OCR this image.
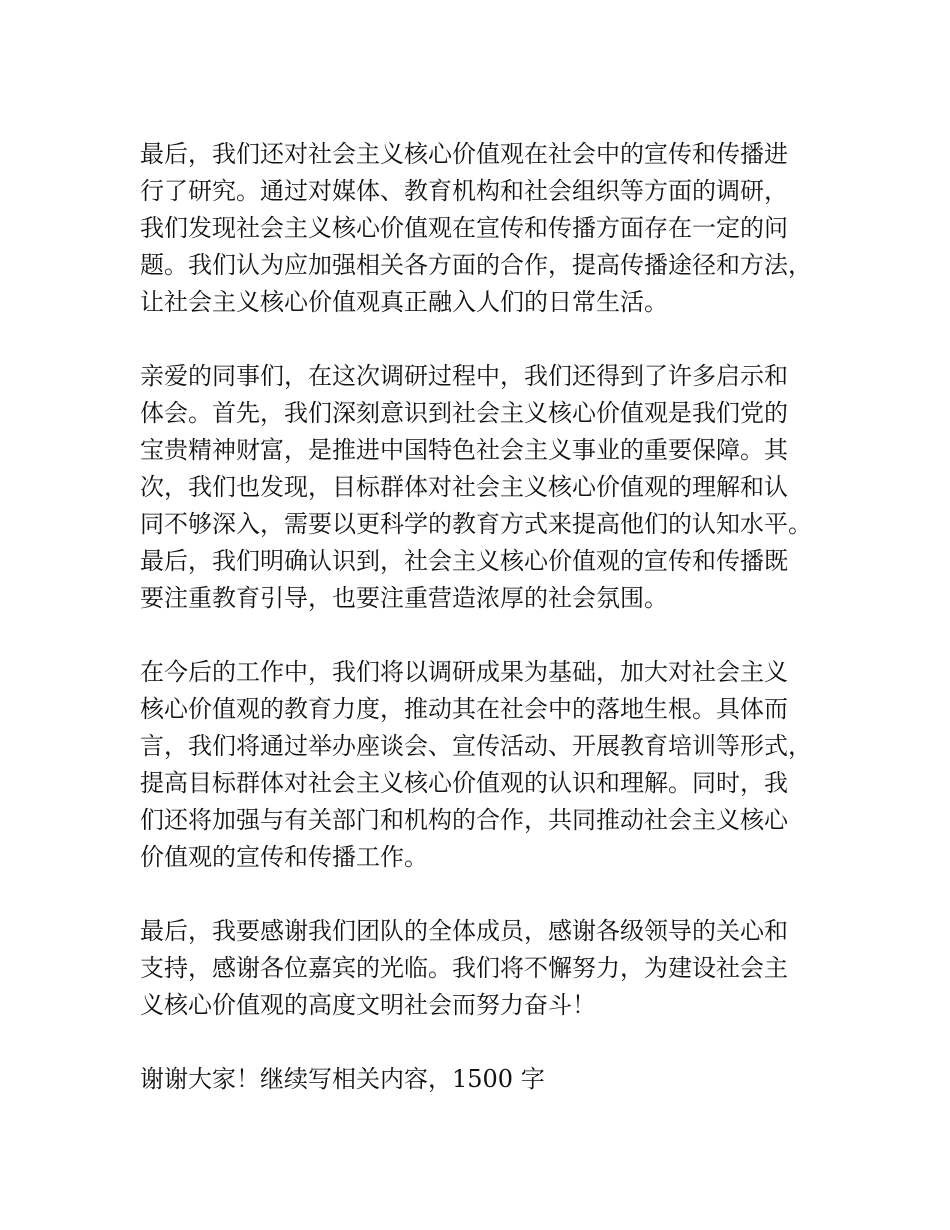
最后，我们还对社会主义核心价值观在社会中的宣传和传播进
行了研究。通过对媒体、教育机构和社会组织等方面的调研，
我们发现社会主义核心价值观在宣传和传播方面存在一定的问
题。我们认为应加强相关各方面的合作，提高传播途径和方法，
让社会主义核心价值观真正融入人们的日常生活。
亲爱的同事们，在这次调研过程中，我们还得到了许多启示和
体会。首先，我们深刻意识到社会主义核心价值观是我们党的
宝贵精神财富，是推进中国特色社会主义事业的重要保障。其
次，我们也发现，目标群体对社会主义核心价值观的理解和认
同不够深入，需要以更科学的教育方式来提高他们的认知水平。
最后，我们明确认识到，社会主义核心价值观的宣传和传播既
要注重教育引导，也要注重营造浓厚的社会氛围。
在今后的工作中，我们将以调研成果为基础，加大对社会主义
核心价值观的教育力度，推动其在社会中的落地生根。具体而
言，我们将通过举办座谈会、宣传活动、开展教育培训等形式，
提高目标群体对社会主义核心价值观的认识和理解。同时，我
们还将加强与有关部门和机构的合作，共同推动社会主义核心
价值观的宣传和传播工作。
最后，我要感谢我们团队的全体成员，感谢各级领导的关心和
支持，感谢各位嘉宾的光临。我们将不懈努力，为建设社会主
义核心价值观的高度文明社会而努力奋斗！
谢谢大家！继续写相关内容，1500 字
